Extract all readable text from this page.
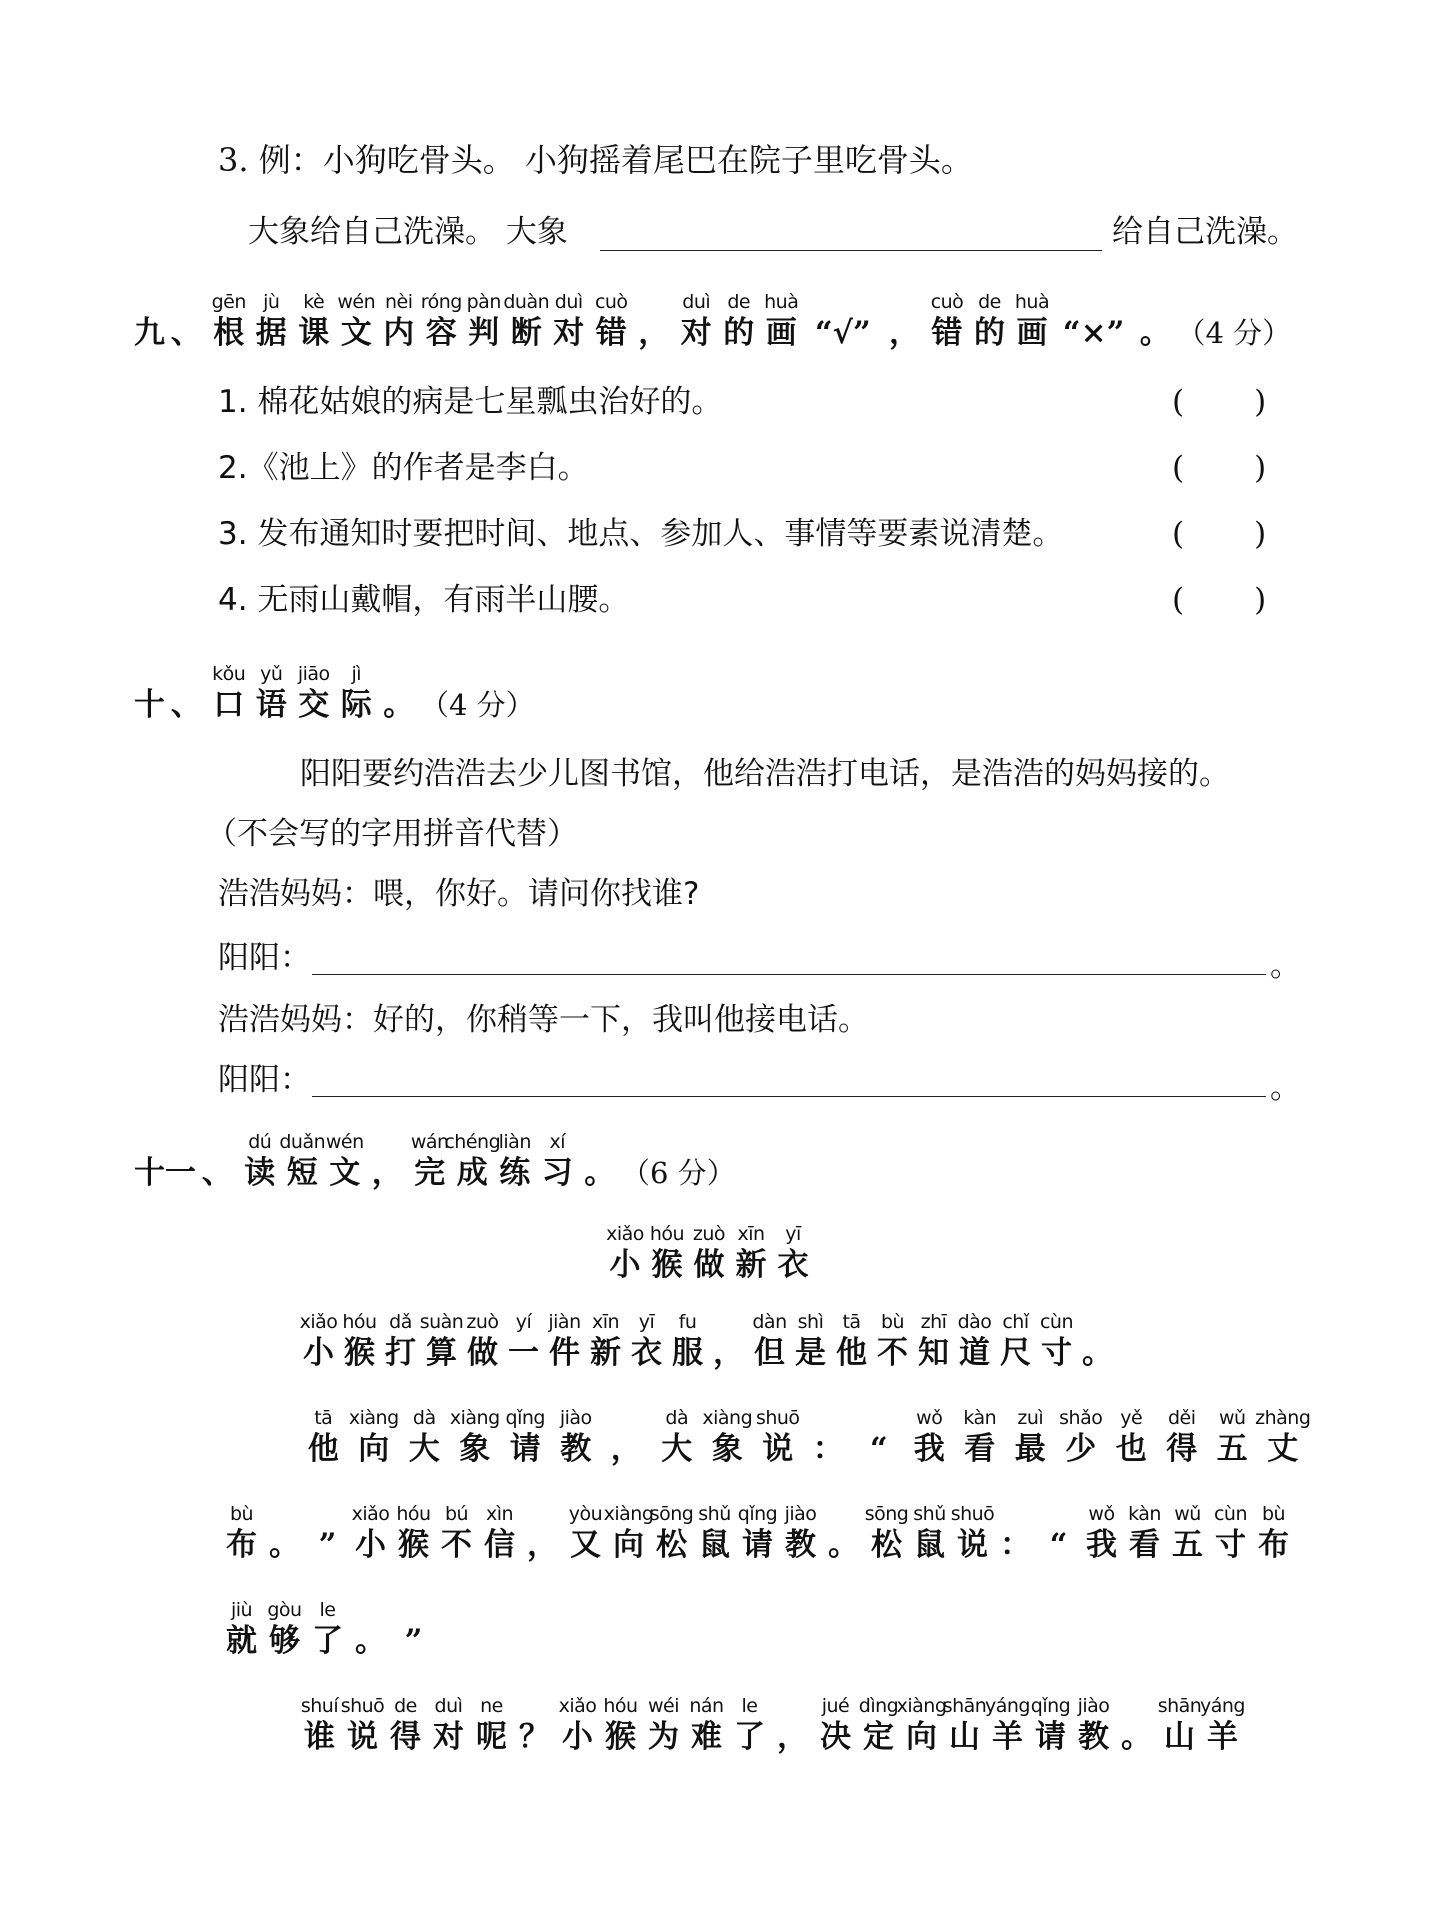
3. 例：小狗吃骨头。 小狗摇着尾巴在院子里吃骨头。
大象给自己洗澡。 大象	给自己洗澡。
九 、
gēn
根
jù
据
kè
课
wén
文
nèi
内
róng
容
pàn
判
duàn
断
duì
对
cuò
错 ，
duì
对
de
的
huà
画 “√” ，
cuò
错
de
的
huà
画 “×” 。 （4 分）
1. 棉花姑娘的病是七星瓢虫治好的。
2.《池上》的作者是李白。
3. 发布通知时要把时间、地点、参加人、事情等要素说清楚。
4. 无雨山戴帽，有雨半山腰。
( )
( )
( )
( )
十 、
kǒu
口
yǔ
语
jiāo
交
jì
际 。 （4 分）
阳阳要约浩浩去少儿图书馆，他给浩浩打电话，是浩浩的妈妈接的。
（不会写的字用拼音代替）
浩浩妈妈：喂，你好。请问你找谁?
阳阳：	。
浩浩妈妈：好的，你稍等一下，我叫他接电话。
阳阳：	。
十一 、
dú
读
duǎn
短
wén
文 ，
wán
完
chéng
成
liàn
练
xí
习 。 （6 分）
xiǎo
小
hóu
猴
zuò
做
xīn
新
yī
衣
xiǎo
小
hóu
猴
dǎ
打
suàn
算
zuò
做
yí
一
jiàn
件
xīn
新
yī
衣
fu
服 ，
dàn
但
shì
是
tā
他
bù
不
zhī
知
dào
道
chǐ
尺
cùn
寸 。
tā
他
xiàng
向
dà
大
xiàng
象
qǐng
请
jiào
教 ，
dà
大
xiàng
象
shuō
说 ： “
wǒ
我
kàn
看
zuì
最
shǎo
少
yě
也
děi
得
wǔ
五
zhàng
丈
bù
布 。 ”
xiǎo
小
hóu
猴
bú
不
xìn
信 ，
yòu
又
xiàng
向
sōng
松
shǔ
鼠
qǐng
请
jiào
教 。
sōng
松
shǔ
鼠
shuō
说 ： “
wǒ
我
kàn
看
wǔ
五
cùn
寸
bù
布
jiù
就
gòu
够
le
了 。 ”
shuí
谁
shuō
说
de
得
duì
对
ne
呢 ？
xiǎo
小
hóu
猴
wéi
为
nán
难
le
了 ，
jué
决
dìng
定
xiàng
向
shān
山
yáng
羊
qǐng
请
jiào
教 。
shān
山
yáng
羊
